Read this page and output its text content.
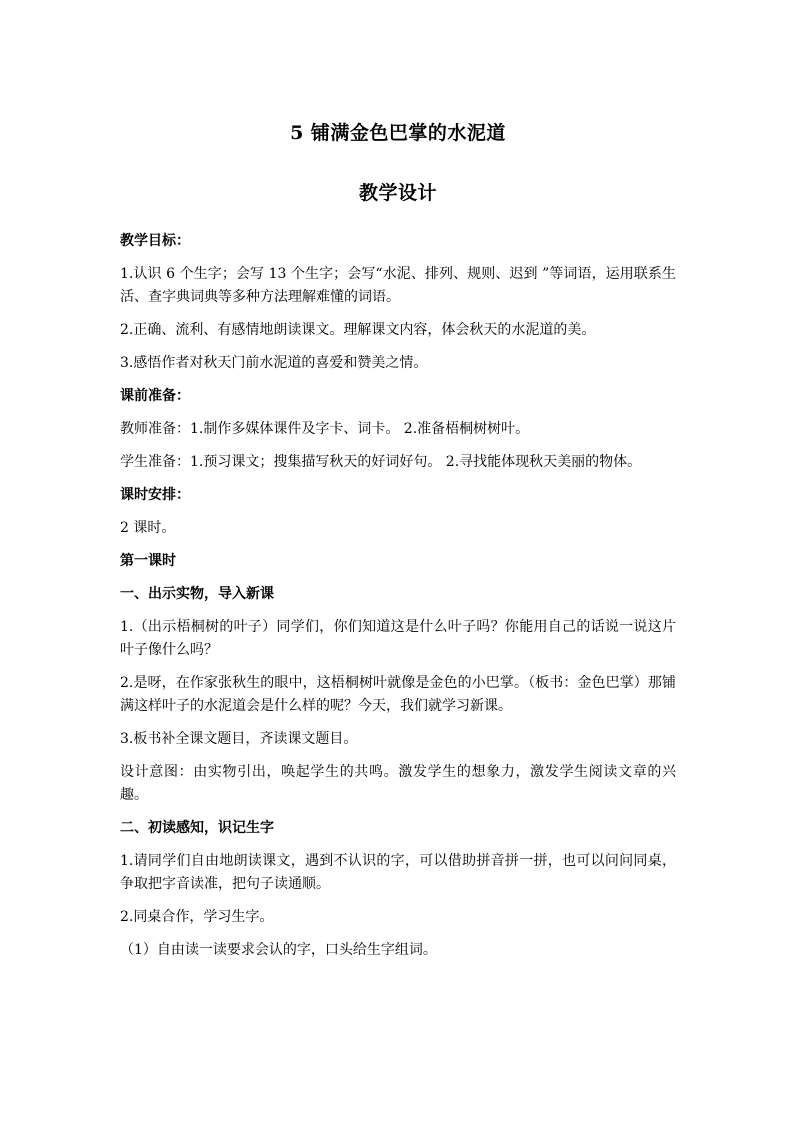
5 铺满金色巴掌的水泥道
教学设计
教学目标：
1.认识 6 个生字；会写 13 个生字；会写“水泥、排列、规则、迟到 ”等词语，运用联系生活、查字典词典等多种方法理解难懂的词语。
2.正确、流利、有感情地朗读课文。理解课文内容，体会秋天的水泥道的美。
3.感悟作者对秋天门前水泥道的喜爱和赞美之情。
课前准备：
教师准备：1.制作多媒体课件及字卡、词卡。 2.准备梧桐树树叶。
学生准备：1.预习课文；搜集描写秋天的好词好句。 2.寻找能体现秋天美丽的物体。
课时安排：
2 课时。
第一课时
一、出示实物，导入新课
1.（出示梧桐树的叶子）同学们，你们知道这是什么叶子吗？你能用自己的话说一说这片叶子像什么吗？
2.是呀，在作家张秋生的眼中，这梧桐树叶就像是金色的小巴掌。（板书：金色巴掌）那铺满这样叶子的水泥道会是什么样的呢？今天，我们就学习新课。
3.板书补全课文题目，齐读课文题目。
设计意图：由实物引出，唤起学生的共鸣。激发学生的想象力，激发学生阅读文章的兴趣。
二、初读感知，识记生字
1.请同学们自由地朗读课文，遇到不认识的字，可以借助拼音拼一拼，也可以问问同桌，争取把字音读准，把句子读通顺。
2.同桌合作，学习生字。
（1）自由读一读要求会认的字，口头给生字组词。
